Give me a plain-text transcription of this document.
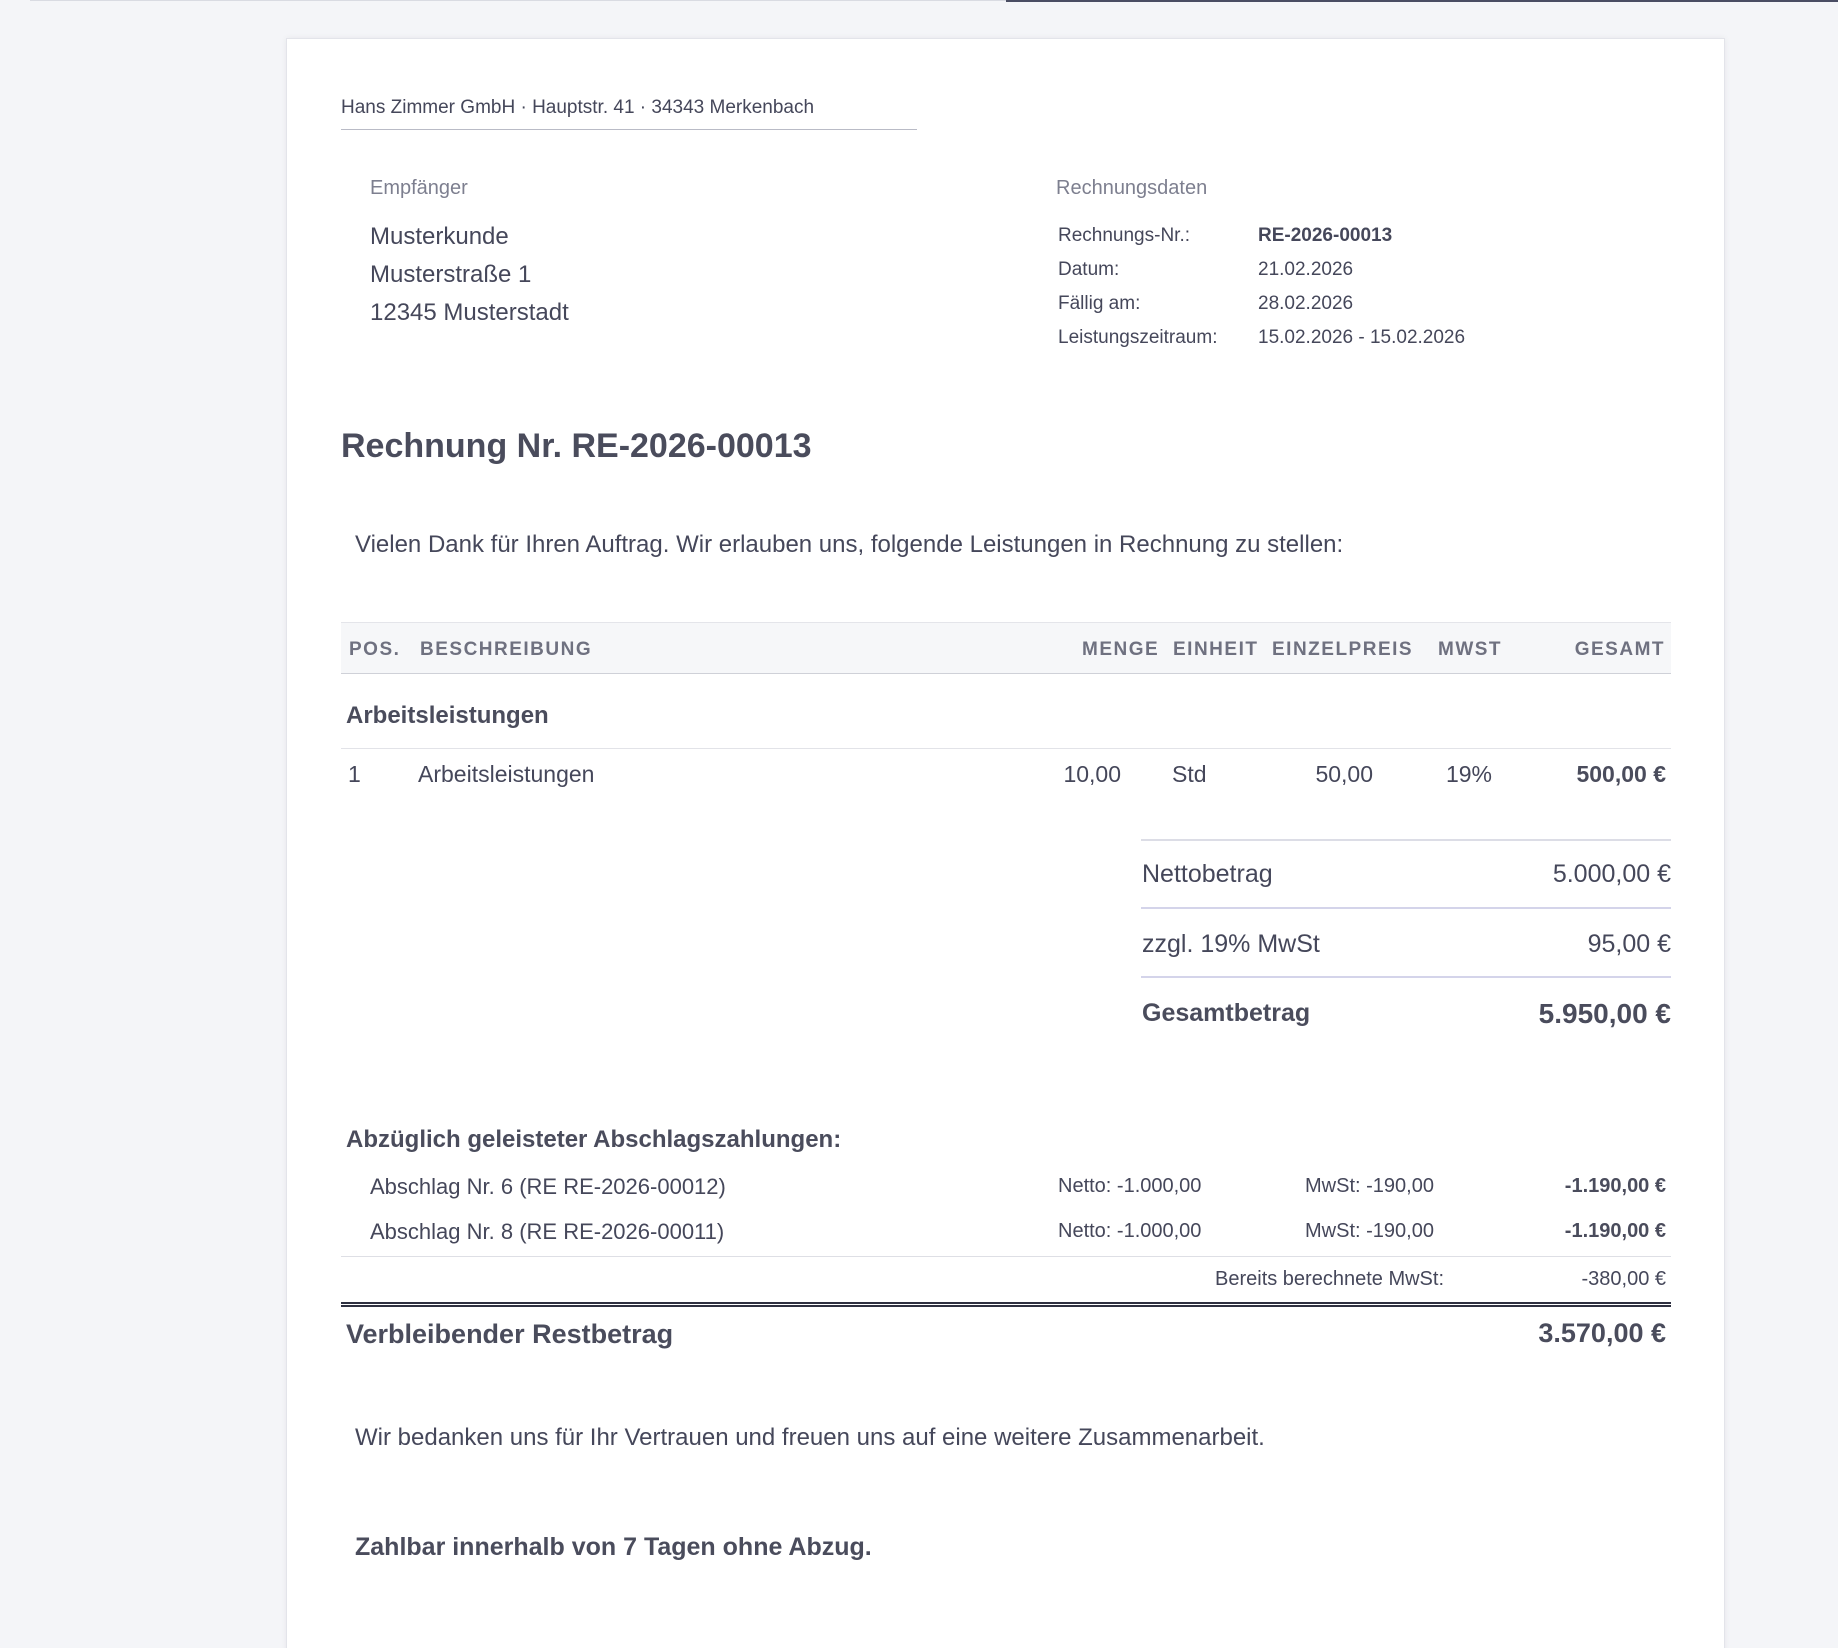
Hans Zimmer GmbH · Hauptstr. 41 · 34343 Merkenbach
Empfänger
Musterkunde
Musterstraße 1
12345 Musterstadt
Rechnungsdaten
Rechnungs-Nr.:	RE-2026-00013
Datum:	21.02.2026
Fällig am:	28.02.2026
Leistungszeitraum: 15.02.2026 - 15.02.2026
Rechnung Nr. RE-2026-00013
Vielen Dank für Ihren Auftrag. Wir erlauben uns, folgende Leistungen in Rechnung zu stellen:
POS. BESCHREIBUNG	MENGE EINHEIT EINZELPREIS MWST	GESAMT
Arbeitsleistungen
1 Arbeitsleistungen	10,00 Std	50,00	19%	500,00 €
Nettobetrag	5.000,00 €
zzgl. 19% MwSt	95,00 €
Gesamtbetrag	5.950,00 €
Abzüglich geleisteter Abschlagszahlungen:
Abschlag Nr. 6 (RE RE-2026-00012)	Netto: -1.000,00	MwSt: -190,00	-1.190,00 €
Abschlag Nr. 8 (RE RE-2026-00011)	Netto: -1.000,00	MwSt: -190,00	-1.190,00 €
Bereits berechnete MwSt:	-380,00 €
Verbleibender Restbetrag	3.570,00 €
Wir bedanken uns für Ihr Vertrauen und freuen uns auf eine weitere Zusammenarbeit.
Zahlbar innerhalb von 7 Tagen ohne Abzug.
